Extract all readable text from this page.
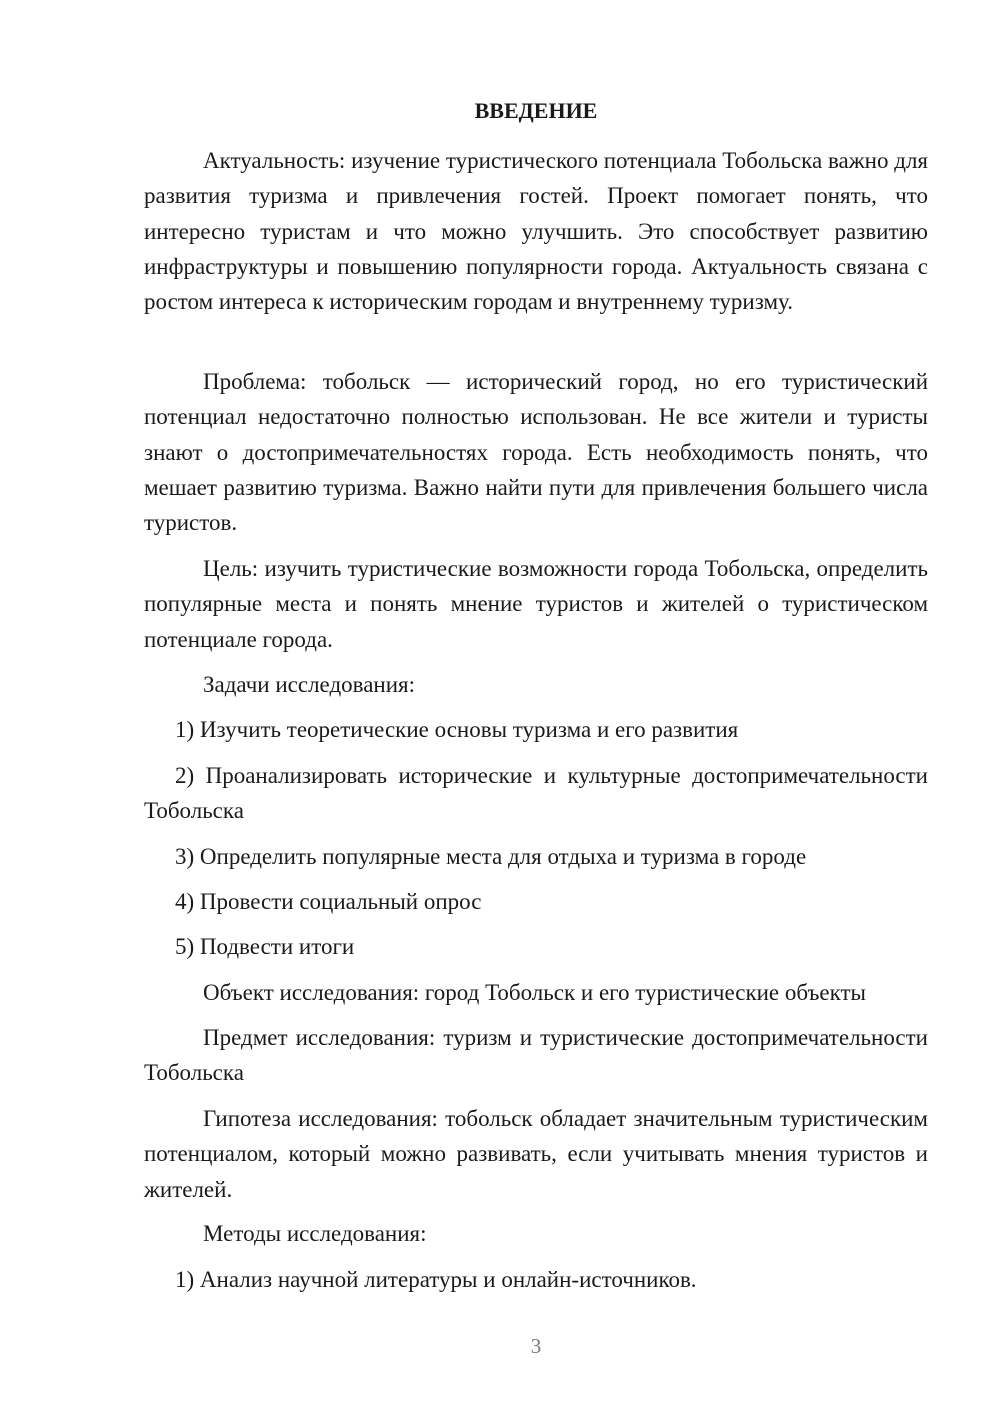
ВВЕДЕНИЕ

Актуальность: изучение туристического потенциала Тобольска важно для развития туризма и привлечения гостей. Проект помогает понять, что интересно туристам и что можно улучшить. Это способствует развитию инфраструктуры и повышению популярности города. Актуальность связана с ростом интереса к историческим городам и внутреннему туризму.

Проблема: тобольск — исторический город, но его туристический потенциал недостаточно полностью использован. Не все жители и туристы знают о достопримечательностях города. Есть необходимость понять, что мешает развитию туризма. Важно найти пути для привлечения большего числа туристов.

Цель: изучить туристические возможности города Тобольска, определить популярные места и понять мнение туристов и жителей о туристическом потенциале города.

Задачи исследования:

1) Изучить теоретические основы туризма и его развития

2) Проанализировать исторические и культурные достопримечательности Тобольска

3) Определить популярные места для отдыха и туризма в городе

4) Провести социальный опрос

5) Подвести итоги

Объект исследования: город Тобольск и его туристические объекты

Предмет исследования: туризм и туристические достопримечательности Тобольска

Гипотеза исследования: тобольск обладает значительным туристическим потенциалом, который можно развивать, если учитывать мнения туристов и жителей.

Методы исследования:

1) Анализ научной литературы и онлайн-источников.

3
